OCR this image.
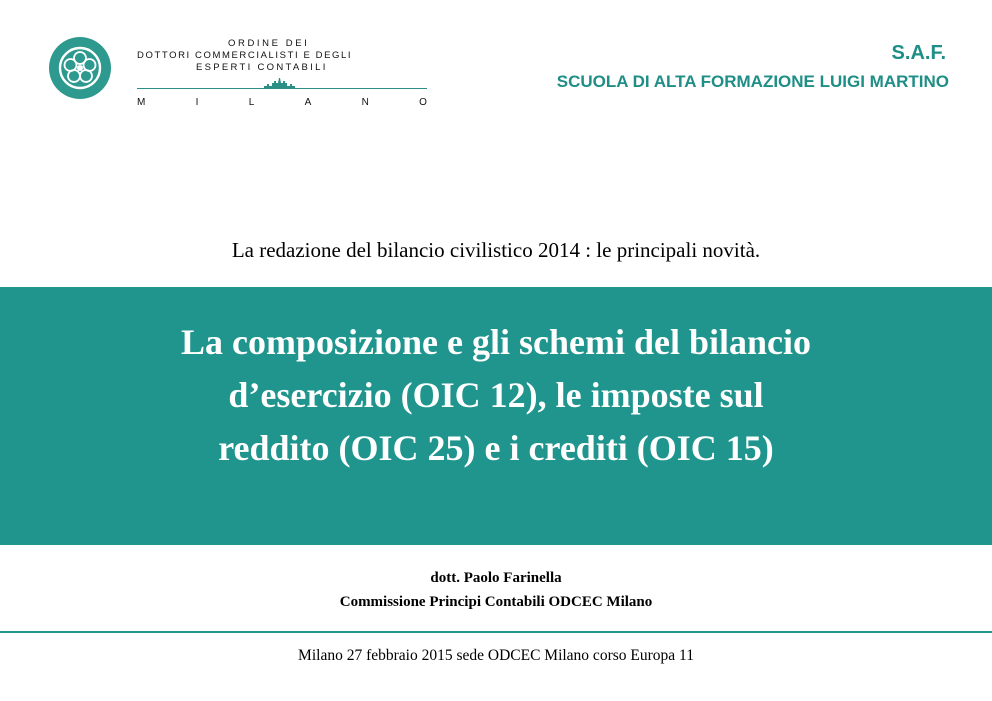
ORDINE DEI
DOTTORI COMMERCIALISTI E DEGLI
ESPERTI CONTABILI
M	I	L	A	N	O
S.A.F.
SCUOLA DI ALTA FORMAZIONE LUIGI MARTINO
La redazione del bilancio civilistico 2014 : le principali novità.
La composizione e gli schemi del bilancio
d’esercizio (OIC 12), le imposte sul
reddito (OIC 25) e i crediti (OIC 15)
dott. Paolo Farinella
Commissione Principi Contabili ODCEC Milano
Milano 27 febbraio 2015 sede ODCEC Milano corso Europa 11
